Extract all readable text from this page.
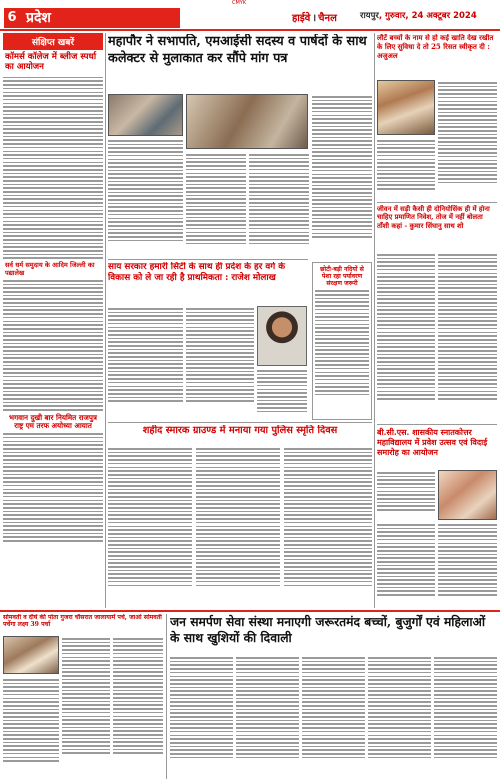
CMYK
6 प्रदेश	हाईवे । चैनल	रायपुर, गुरुवार, 24 अक्टूबर 2024
संक्षिप्त खबरें
कॉमर्स कॉलेज में ब्लीज स्पर्धा का आयोजन
सर्व धर्म समुदाय के आदिम जिल्ली का पद्यालेख
भगवान दुखी बार नियमित राजपुत्र राष्ट्र एम तरफ अयोध्या आयात
महापौर ने सभापति, एमआईसी सदस्य व पार्षदों के साथ कलेक्टर से मुलाकात कर सौंपे मांग पत्र
साय सरकार हमारी सिटी के साथ ही प्रदेश के हर वर्ग के विकास को ले जा रही है प्राथमिकता : राजेश मोलाख
छोटी-बड़ी नदियों से पेशा रहा पर्यावरण संरक्षण जरूरी
शहीद स्मारक ग्राउण्ड में मनाया गया पुलिस स्मृति दिवस
लौटें बच्चों के नाम से हो कई खाति देख रखीत के लिए सुविधा दे तो 25 रिसत स्वीकृत दी : अजुअल
जीवन में सड़ी कैसी ही दोनियोसिंक ही में होना चाहिए प्रमाणित निवेश, तोज में नहीं बोलता ताँशी कहां - कुमार सिंघानु साथ शो
बी.सी.एस. शासकीय स्नातकोत्तर महाविद्यालय में प्रवेश उत्सव एवं विदाई समारोह का आयोजन
सोमवती व दीर्घ की पोता गुजरा चौसरात जालायामें पर्चे, जाओ सोमवती पर्चेगा लक्ष्य 39 पर्चा	जन समर्पण सेवा संस्था मनाएगी जरूरतमंद बच्चों, बुजुर्गों एवं महिलाओं के साथ खुशियों की दिवाली
